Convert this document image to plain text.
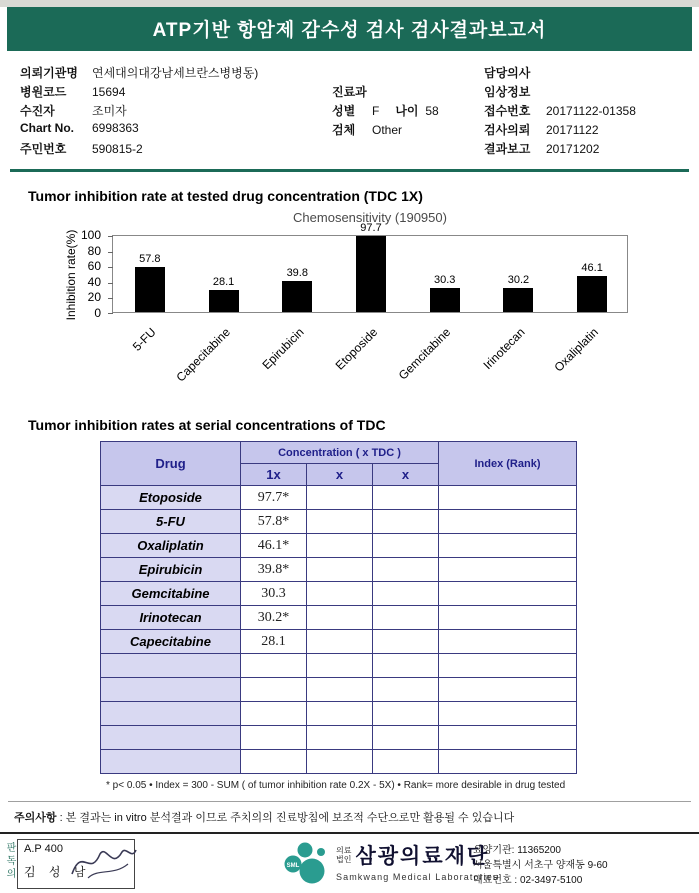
ATP기반 항암제 감수성 검사 검사결과보고서
의뢰기관명	연세대의대강남세브란스병병동)
병원코드	15694
수진자	조미자
Chart No.	6998363
주민번호	590815-2
진료과
성별	F 나이 58
검체	Other
담당의사
임상정보
접수번호	20171122-01358
검사의뢰	20171122
결과보고	20171202
Tumor inhibition rate at tested drug concentration (TDC 1X)
Chemosensitivity (190950)
Inhibition rate(%) 0
20
40
60
80
100
57.8
28.1
39.8
97.7
30.3	30.2
46.1
5-FU Capecitabine Epirubicin Etoposide Gemcitabine Irinotecan Oxaliplatin
Tumor inhibition rates at serial concentrations of TDC
Drug	Concentration ( x TDC )			Index (Rank)
	1x	x	x	
Etoposide	97.7*			
5-FU	57.8*			
Oxaliplatin	46.1*			
Epirubicin	39.8*			
Gemcitabine	30.3			
Irinotecan	30.2*			
Capecitabine	28.1			

* p< 0.05 • Index = 300 - SUM ( of tumor inhibition rate 0.2X - 5X) • Rank= more desirable in drug tested
주의사항 : 본 결과는 in vitro 분석결과 이므로 주치의의 진료방침에 보조적 수단으로만 활용될 수 있습니다
판독의 A.P 400
김 성 남	SML
의료
법인 삼광의료재단
Samkwang Medical Laboratories
요양기관: 11365200
서울특별시 서초구 양재동 9-60
대표번호 : 02-3497-5100
